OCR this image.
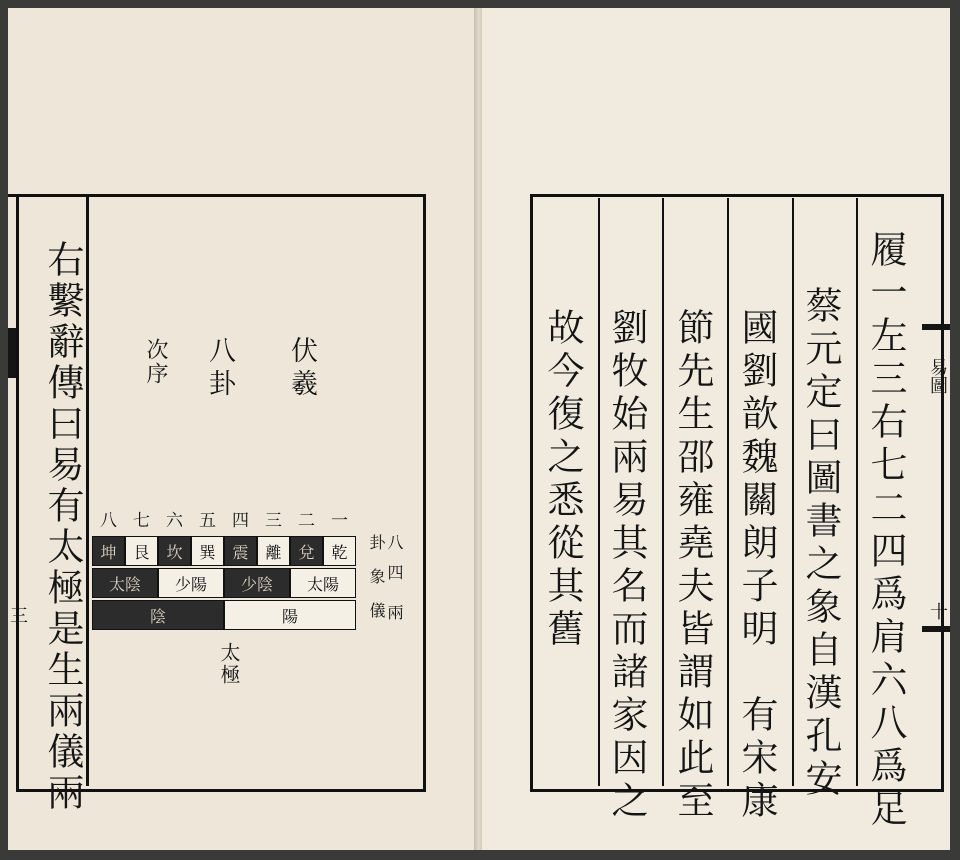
右繫辭傳曰易有太極是生兩儀兩	伏羲
八卦
次序
八 七 六 五 四 三 二 一
坤	艮	坎	巽	震	離	兌	乾
太陰	少陽	少陰	太陽
陰	陽
八
卦
四
象
兩
儀
太極
三	履一左三右七二四爲肩六八爲足
蔡元定曰圖書之象自漢孔安
國劉歆魏關朗子明　有宋康
節先生邵雍堯夫皆謂如此至
劉牧始兩易其名而諸家因之
故今復之悉從其舊	易圖
十
